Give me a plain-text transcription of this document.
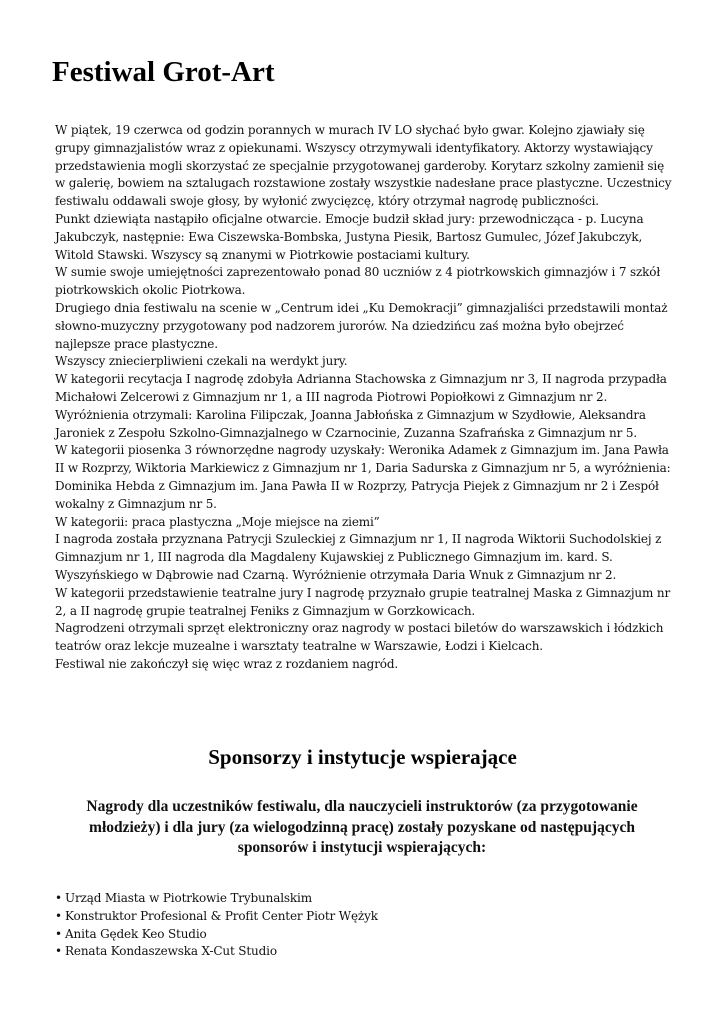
Festiwal Grot-Art

W piątek, 19 czerwca od godzin porannych w murach IV LO słychać było gwar. Kolejno zjawiały się grupy gimnazjalistów wraz z opiekunami. Wszyscy otrzymywali identyfikatory. Aktorzy wystawiający przedstawienia mogli skorzystać ze specjalnie przygotowanej garderoby. Korytarz szkolny zamienił się w galerię, bowiem na sztalugach rozstawione zostały wszystkie nadesłane prace plastyczne. Uczestnicy festiwalu oddawali swoje głosy, by wyłonić zwycięzcę, który otrzymał nagrodę publiczności.

Punkt dziewiąta nastąpiło oficjalne otwarcie. Emocje budził skład jury: przewodnicząca - p. Lucyna Jakubczyk, następnie: Ewa Ciszewska-Bombska, Justyna Piesik, Bartosz Gumulec, Józef Jakubczyk, Witold Stawski. Wszyscy są znanymi w Piotrkowie postaciami kultury.

W sumie swoje umiejętności zaprezentowało ponad 80 uczniów z 4 piotrkowskich gimnazjów i 7 szkół piotrkowskich okolic Piotrkowa.

Drugiego dnia festiwalu na scenie w „Centrum idei „Ku Demokracji” gimnazjaliści przedstawili montaż słowno-muzyczny przygotowany pod nadzorem jurorów. Na dziedzińcu zaś można było obejrzeć najlepsze prace plastyczne.

Wszyscy zniecierpliwieni czekali na werdykt jury.

W kategorii recytacja I nagrodę zdobyła Adrianna Stachowska z Gimnazjum nr 3, II nagroda przypadła Michałowi Zelcerowi z Gimnazjum nr 1, a III nagroda Piotrowi Popiołkowi z Gimnazjum nr 2. Wyróżnienia otrzymali: Karolina Filipczak, Joanna Jabłońska z Gimnazjum w Szydłowie, Aleksandra Jaroniek z Zespołu Szkolno-Gimnazjalnego w Czarnocinie, Zuzanna Szafrańska z Gimnazjum nr 5.

W kategorii piosenka 3 równorzędne nagrody uzyskały: Weronika Adamek z Gimnazjum im. Jana Pawła II w Rozprzy, Wiktoria Markiewicz z Gimnazjum nr 1, Daria Sadurska z Gimnazjum nr 5, a wyróżnienia: Dominika Hebda z Gimnazjum im. Jana Pawła II w Rozprzy, Patrycja Piejek z Gimnazjum nr 2 i Zespół wokalny z Gimnazjum nr 5.

W kategorii: praca plastyczna „Moje miejsce na ziemi”

I nagroda została przyznana Patrycji Szuleckiej z Gimnazjum nr 1, II nagroda Wiktorii Suchodolskiej z Gimnazjum nr 1, III nagroda dla Magdaleny Kujawskiej z Publicznego Gimnazjum im. kard. S. Wyszyńskiego w Dąbrowie nad Czarną. Wyróżnienie otrzymała Daria Wnuk z Gimnazjum nr 2.

W kategorii przedstawienie teatralne jury I nagrodę przyznało grupie teatralnej Maska z Gimnazjum nr 2, a II nagrodę grupie teatralnej Feniks z Gimnazjum w Gorzkowicach.

Nagrodzeni otrzymali sprzęt elektroniczny oraz nagrody w postaci biletów do warszawskich i łódzkich teatrów oraz lekcje muzealne i warsztaty teatralne w Warszawie, Łodzi i Kielcach.

Festiwal nie zakończył się więc wraz z rozdaniem nagród.

Sponsorzy i instytucje wspierające

Nagrody dla uczestników festiwalu, dla nauczycieli instruktorów (za przygotowanie młodzieży) i dla jury (za wielogodzinną pracę) zostały pozyskane od następujących sponsorów i instytucji wspierających:

• Urząd Miasta w Piotrkowie Trybunalskim
• Konstruktor Profesional & Profit Center Piotr Wężyk
• Anita Gędek Keo Studio
• Renata Kondaszewska X-Cut Studio
